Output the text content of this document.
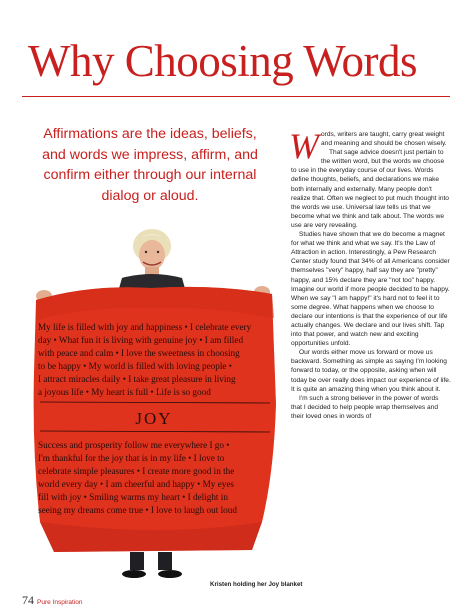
Why Choosing Words

Affirmations are the ideas, beliefs, and words we impress, affirm, and confirm either through our internal dialog or aloud.

My life is filled with joy and happiness • I celebrate every
day • What fun it is living with genuine joy • I am filled
with peace and calm • I love the sweetness in choosing
to be happy • My world is filled with loving people •
I attract miracles daily • I take great pleasure in living
a joyous life • My heart is full • Life is so good
JOY
Success and prosperity follow me everywhere I go •
I'm thankful for the joy that is in my life • I love to
celebrate simple pleasures • I create more good in the
world every day • I am cheerful and happy • My eyes
fill with joy • Smiling warms my heart • I delight in
seeing my dreams come true • I love to laugh out loud
Kristen holding her Joy blanket

Words, writers are taught, carry great weight and meaning and should be chosen wisely.

That sage advice doesn't just pertain to the written word, but the words we choose to use in the everyday course of our lives. Words define thoughts, beliefs, and declarations we make both internally and externally. Many people don't realize that. Often we neglect to put much thought into the words we use. Universal law tells us that we become what we think and talk about. The words we use are very revealing.

Studies have shown that we do become a magnet for what we think and what we say. It's the Law of Attraction in action. Interestingly, a Pew Research Center study found that 34% of all Americans consider themselves "very" happy, half say they are "pretty" happy, and 15% declare they are "not too" happy. Imagine our world if more people decided to be happy. When we say "I am happy!" it's hard not to feel it to some degree. What happens when we choose to declare our intentions is that the experience of our life actually changes. We declare and our lives shift. Tap into that power, and watch new and exciting opportunities unfold.

Our words either move us forward or move us backward. Something as simple as saying I'm looking forward to today, or the opposite, asking when will today be over really does impact our experience of life. It is quite an amazing thing when you think about it.

I'm such a strong believer in the power of words that I decided to help people wrap themselves and their loved ones in words of

74 Pure Inspiration
